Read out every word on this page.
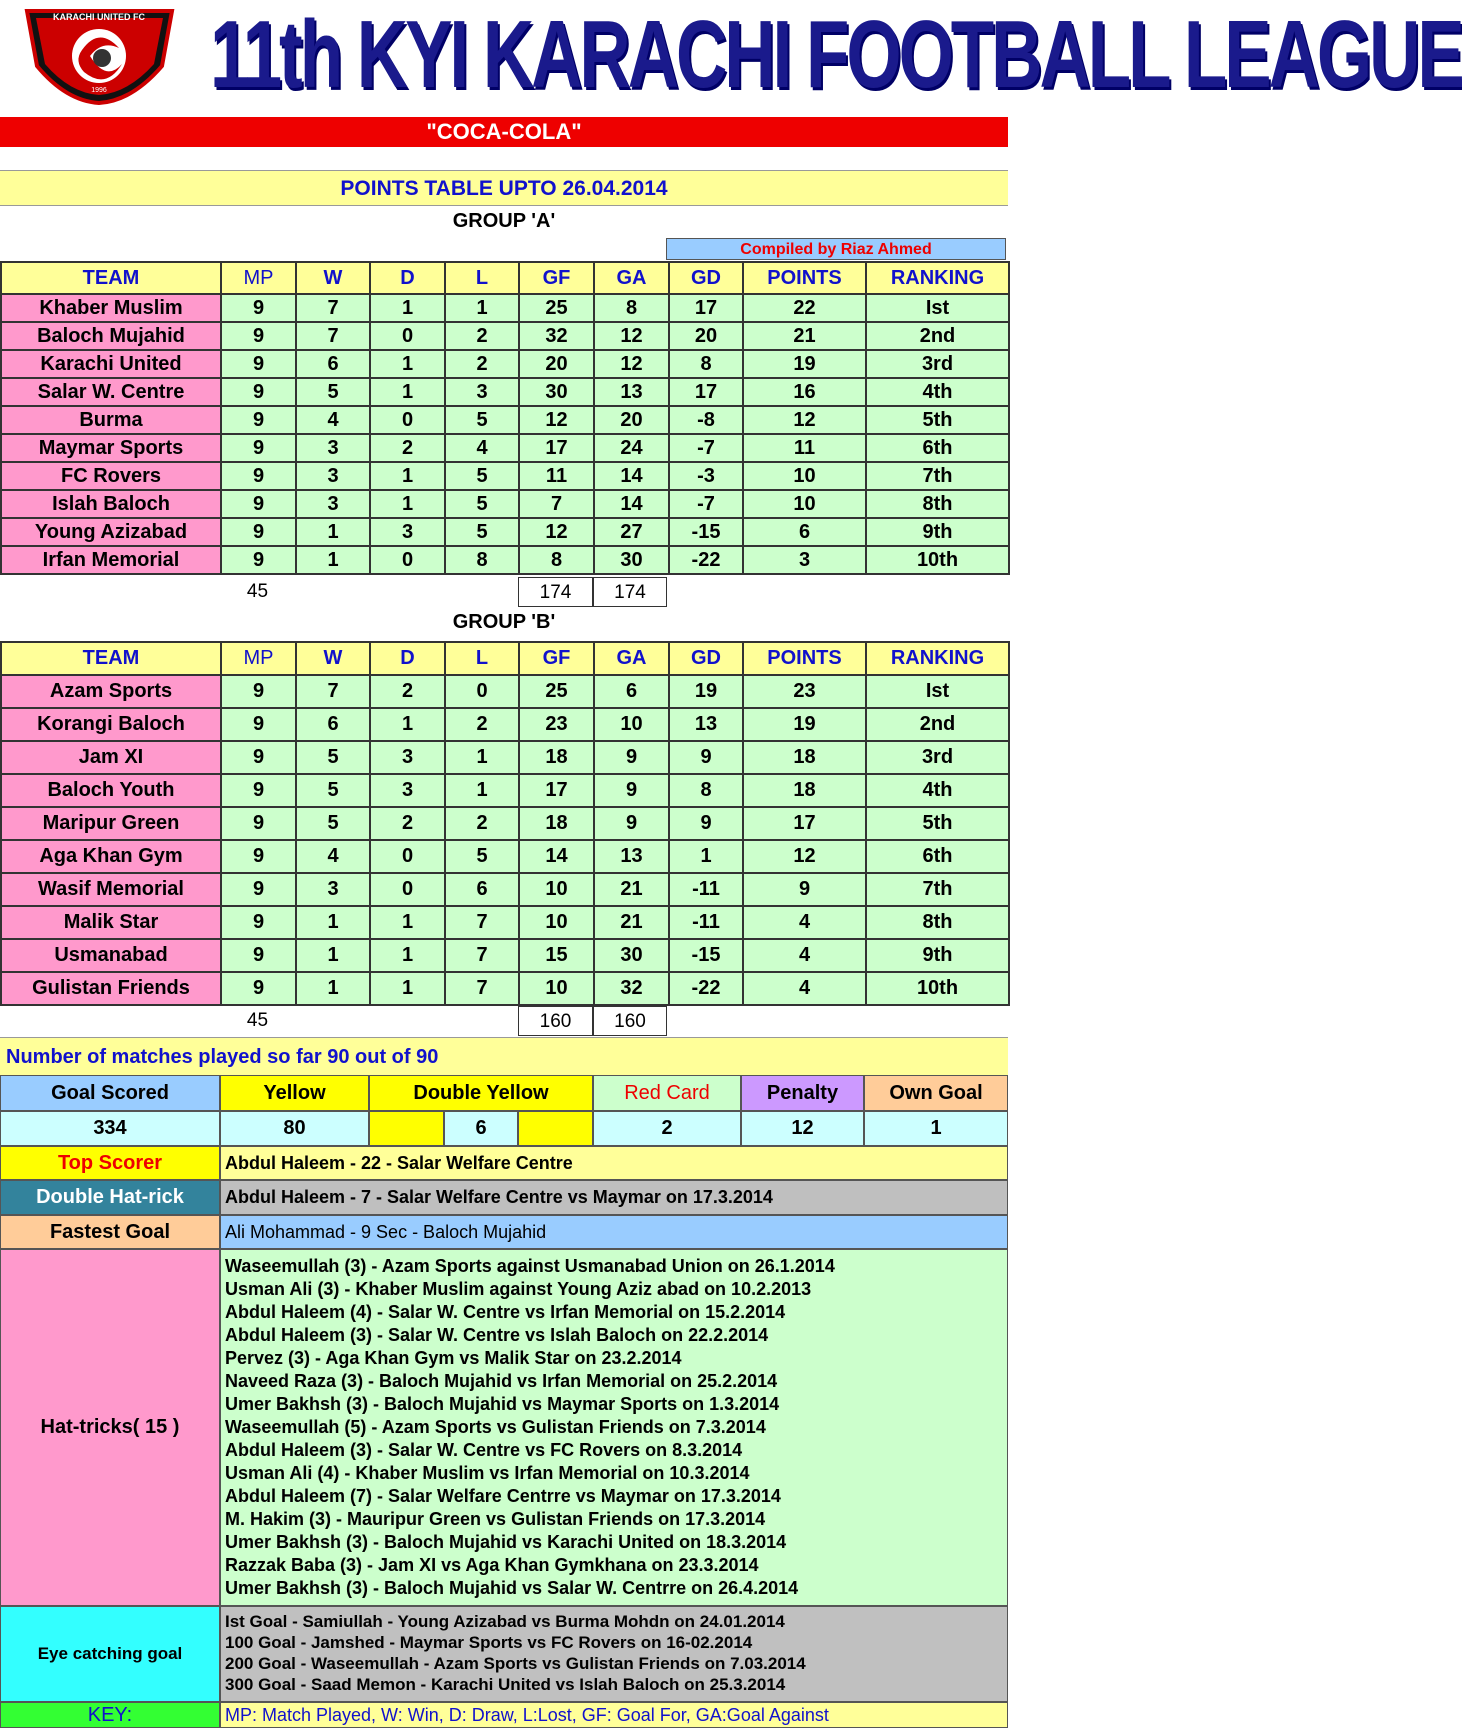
KARACHI UNITED FC
1996 11th KYI KARACHI FOOTBALL LEAGUE
"COCA-COLA"
POINTS TABLE UPTO 26.04.2014
GROUP 'A'
Compiled by Riaz Ahmed
TEAM	MP	W	D	L	GF	GA	GD	POINTS	RANKING
Khaber Muslim	9	7	1	1	25	8	17	22	Ist
Baloch Mujahid	9	7	0	2	32	12	20	21	2nd
Karachi United	9	6	1	2	20	12	8	19	3rd
Salar W. Centre	9	5	1	3	30	13	17	16	4th
Burma	9	4	0	5	12	20	-8	12	5th
Maymar Sports	9	3	2	4	17	24	-7	11	6th
FC Rovers	9	3	1	5	11	14	-3	10	7th
Islah Baloch	9	3	1	5	7	14	-7	10	8th
Young Azizabad	9	1	3	5	12	27	-15	6	9th
Irfan Memorial	9	1	0	8	8	30	-22	3	10th
45	174	174
GROUP 'B'
TEAM	MP	W	D	L	GF	GA	GD	POINTS	RANKING
Azam Sports	9	7	2	0	25	6	19	23	Ist
Korangi Baloch	9	6	1	2	23	10	13	19	2nd
Jam XI	9	5	3	1	18	9	9	18	3rd
Baloch Youth	9	5	3	1	17	9	8	18	4th
Maripur Green	9	5	2	2	18	9	9	17	5th
Aga Khan Gym	9	4	0	5	14	13	1	12	6th
Wasif Memorial	9	3	0	6	10	21	-11	9	7th
Malik Star	9	1	1	7	10	21	-11	4	8th
Usmanabad	9	1	1	7	15	30	-15	4	9th
Gulistan Friends	9	1	1	7	10	32	-22	4	10th
45	160	160
Number of matches played so far 90 out of 90
Goal Scored	Yellow	Double Yellow	Red Card	Penalty	Own Goal
334	80	6	2	12	1
Top Scorer	Abdul Haleem - 22 - Salar Welfare Centre
Double Hat-rick	Abdul Haleem - 7 - Salar Welfare Centre vs Maymar on 17.3.2014
Fastest Goal	Ali Mohammad - 9 Sec - Baloch Mujahid
Hat-tricks( 15 )
Waseemullah (3) - Azam Sports against Usmanabad Union on 26.1.2014
Usman Ali (3) - Khaber Muslim against Young Aziz abad on 10.2.2013
Abdul Haleem (4) - Salar W. Centre vs Irfan Memorial on 15.2.2014
Abdul Haleem (3) - Salar W. Centre vs Islah Baloch on 22.2.2014
Pervez (3) - Aga Khan Gym vs Malik Star on 23.2.2014
Naveed Raza (3) - Baloch Mujahid vs Irfan Memorial on 25.2.2014
Umer Bakhsh (3) - Baloch Mujahid vs Maymar Sports on 1.3.2014
Waseemullah (5) - Azam Sports vs Gulistan Friends on 7.3.2014
Abdul Haleem (3) - Salar W. Centre vs FC Rovers on 8.3.2014
Usman Ali (4) - Khaber Muslim vs Irfan Memorial on 10.3.2014
Abdul Haleem (7) - Salar Welfare Centrre vs Maymar on 17.3.2014
M. Hakim (3) - Mauripur Green vs Gulistan Friends on 17.3.2014
Umer Bakhsh (3) - Baloch Mujahid vs Karachi United on 18.3.2014
Razzak Baba (3) - Jam XI vs Aga Khan Gymkhana on 23.3.2014
Umer Bakhsh (3) - Baloch Mujahid vs Salar W. Centrre on 26.4.2014
Eye catching goal
Ist Goal - Samiullah - Young Azizabad vs Burma Mohdn on 24.01.2014
100 Goal - Jamshed - Maymar Sports vs FC Rovers on 16-02.2014
200 Goal - Waseemullah - Azam Sports vs Gulistan Friends on 7.03.2014
300 Goal - Saad Memon - Karachi United vs Islah Baloch on 25.3.2014
KEY:	MP: Match Played, W: Win, D: Draw, L:Lost, GF: Goal For, GA:Goal Against
